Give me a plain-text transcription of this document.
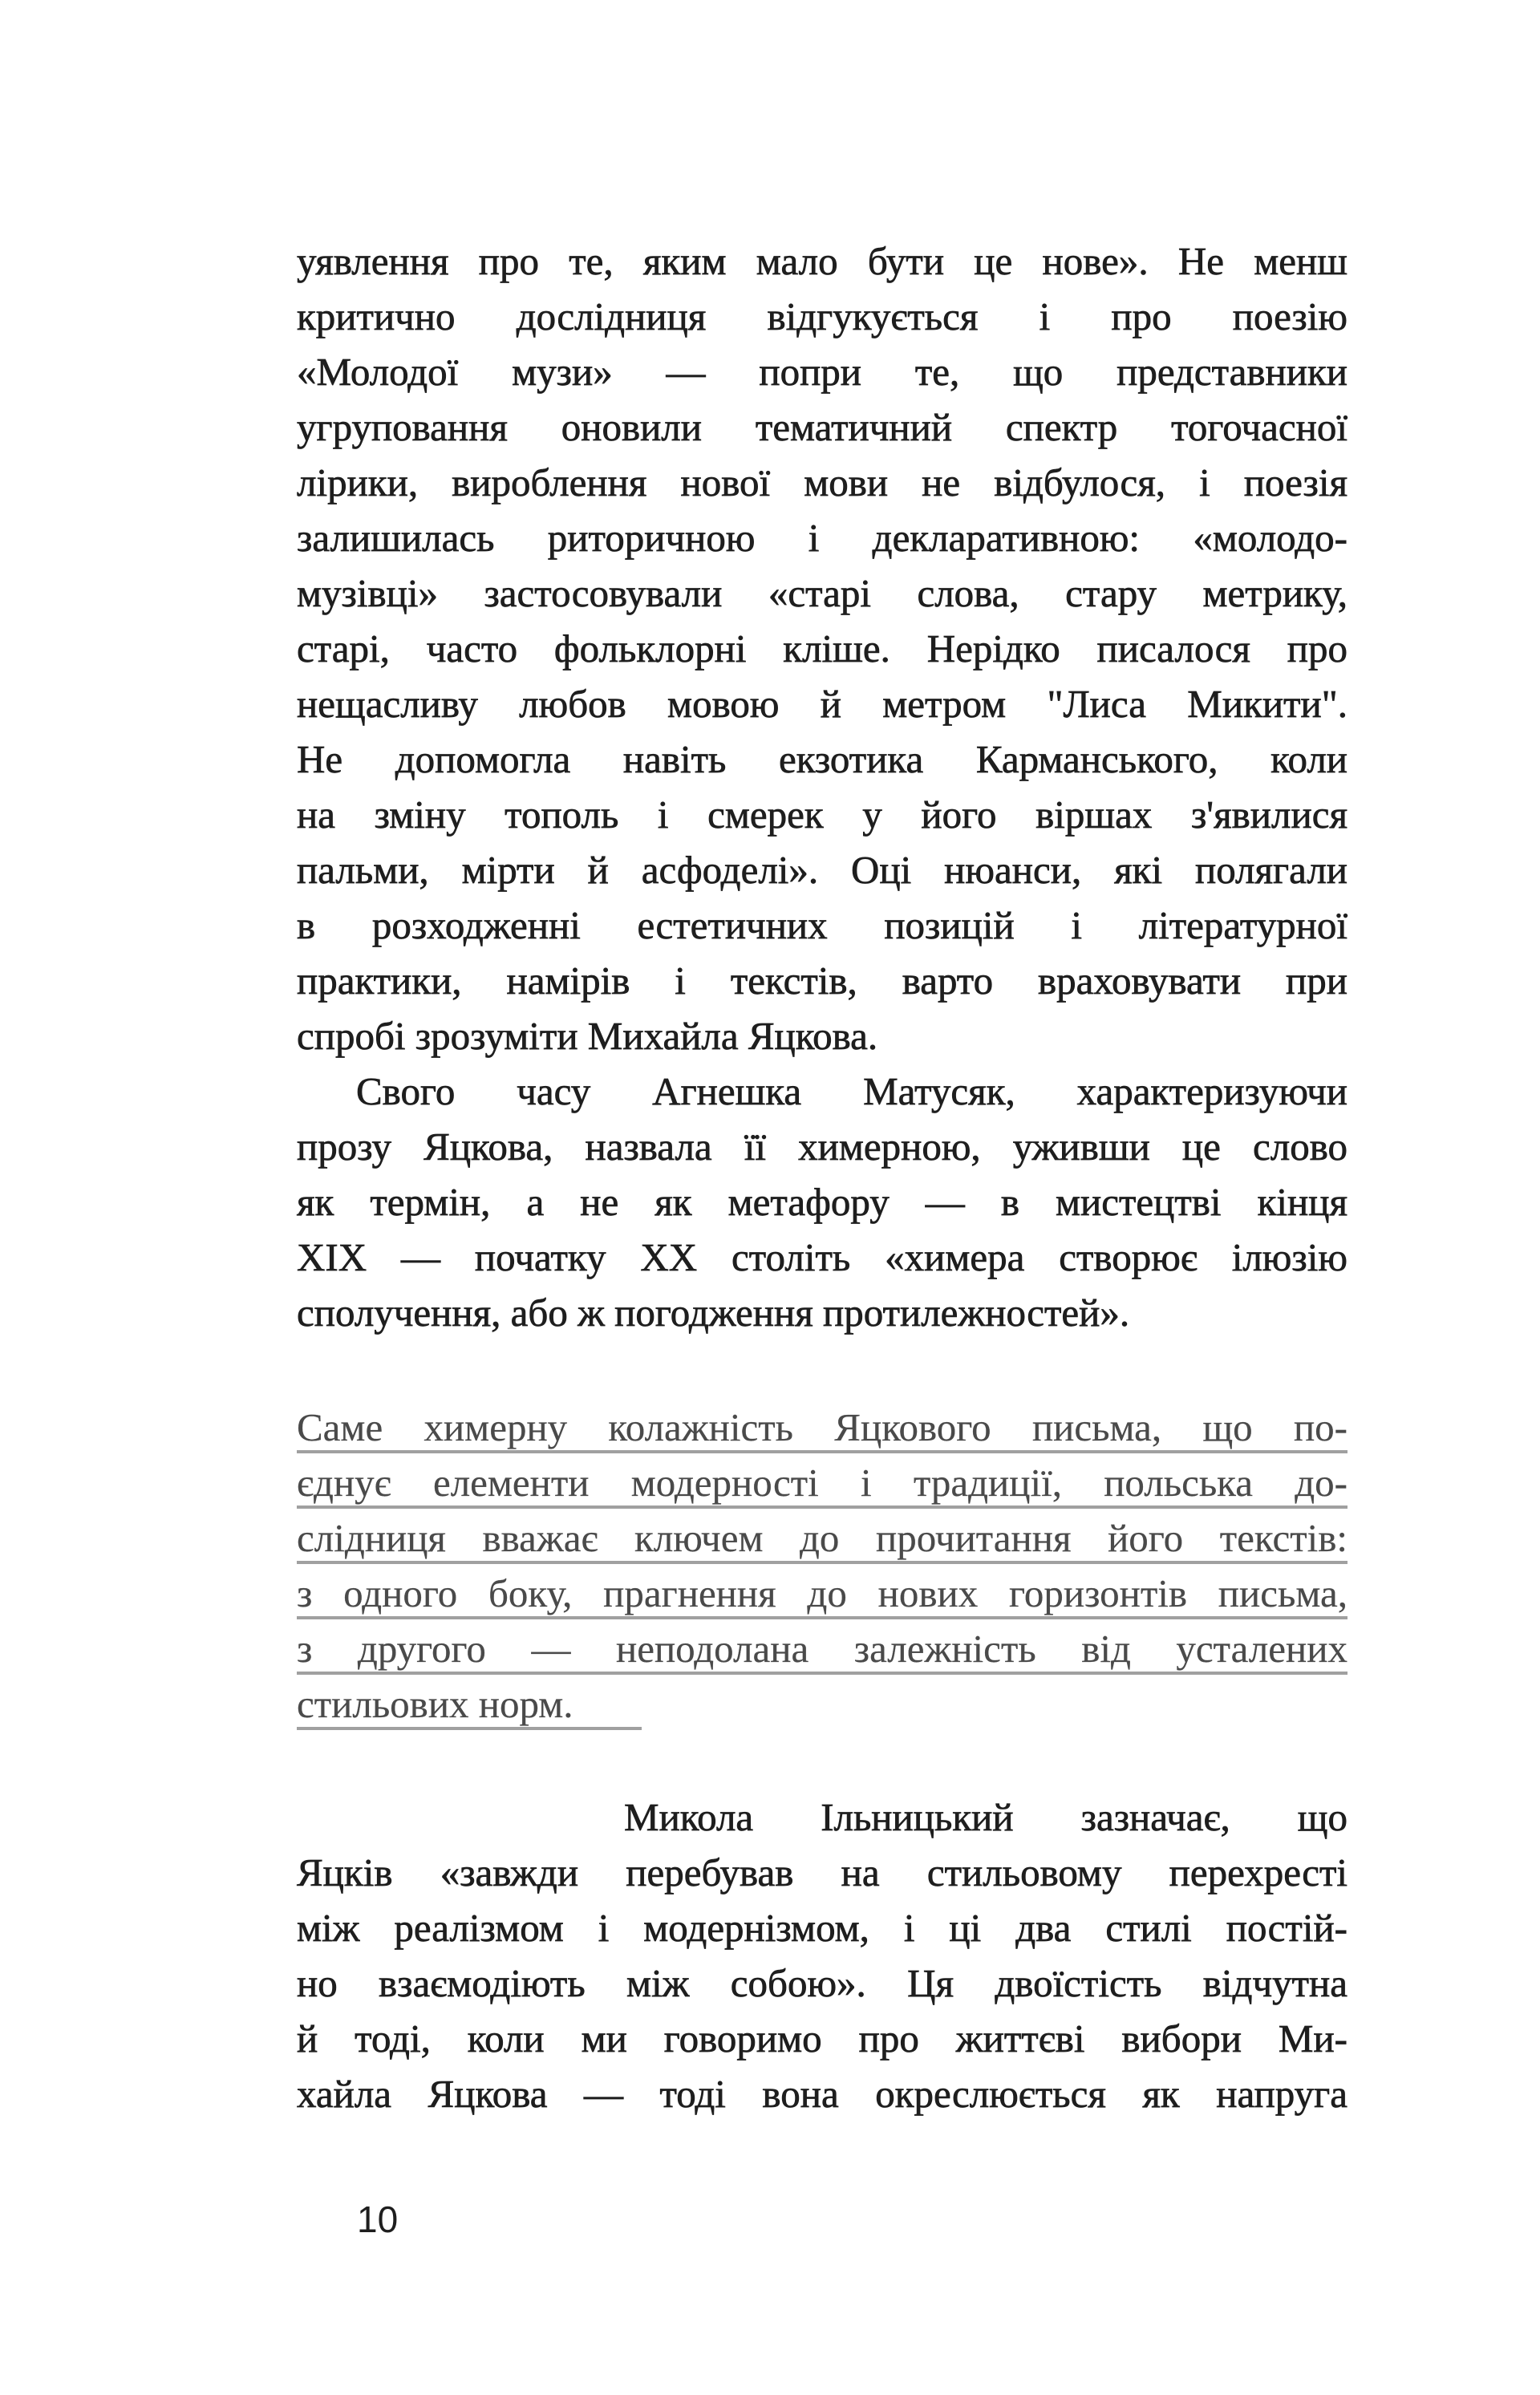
уявлення про те, яким мало бути це нове». Не менш
критично дослідниця відгукується і про поезію
«Молодої музи» — попри те, що представники
угруповання оновили тематичний спектр тогочасної
лірики, вироблення нової мови не відбулося, і поезія
залишилась риторичною і декларативною: «молодо-
музівці» застосовували «старі слова, стару метрику,
старі, часто фольклорні кліше. Нерідко писалося про
нещасливу любов мовою й метром "Лиса Микити".
Не допомогла навіть екзотика Карманського, коли
на зміну тополь і смерек у його віршах з'явилися
пальми, мірти й асфоделі». Оці нюанси, які полягали
в розходженні естетичних позицій і літературної
практики, намірів і текстів, варто враховувати при
спробі зрозуміти Михайла Яцкова.
Свого часу Агнешка Матусяк, характеризуючи
прозу Яцкова, назвала її химерною, уживши це слово
як термін, а не як метафору — в мистецтві кінця
XIX — початку XX століть «химера створює ілюзію
сполучення, або ж погодження протилежностей».
Саме химерну колажність Яцкового письма, що по-
єднує елементи модерності і традиції, польська до-
слідниця вважає ключем до прочитання його текстів:
з одного боку, прагнення до нових горизонтів письма,
з другого — неподолана залежність від усталених
стильових норм.
Микола Ільницький зазначає, що
Яцків «завжди перебував на стильовому перехресті
між реалізмом і модернізмом, і ці два стилі постій-
но взаємодіють між собою». Ця двоїстість відчутна
й тоді, коли ми говоримо про життєві вибори Ми-
хайла Яцкова — тоді вона окреслюється як напруга
10
